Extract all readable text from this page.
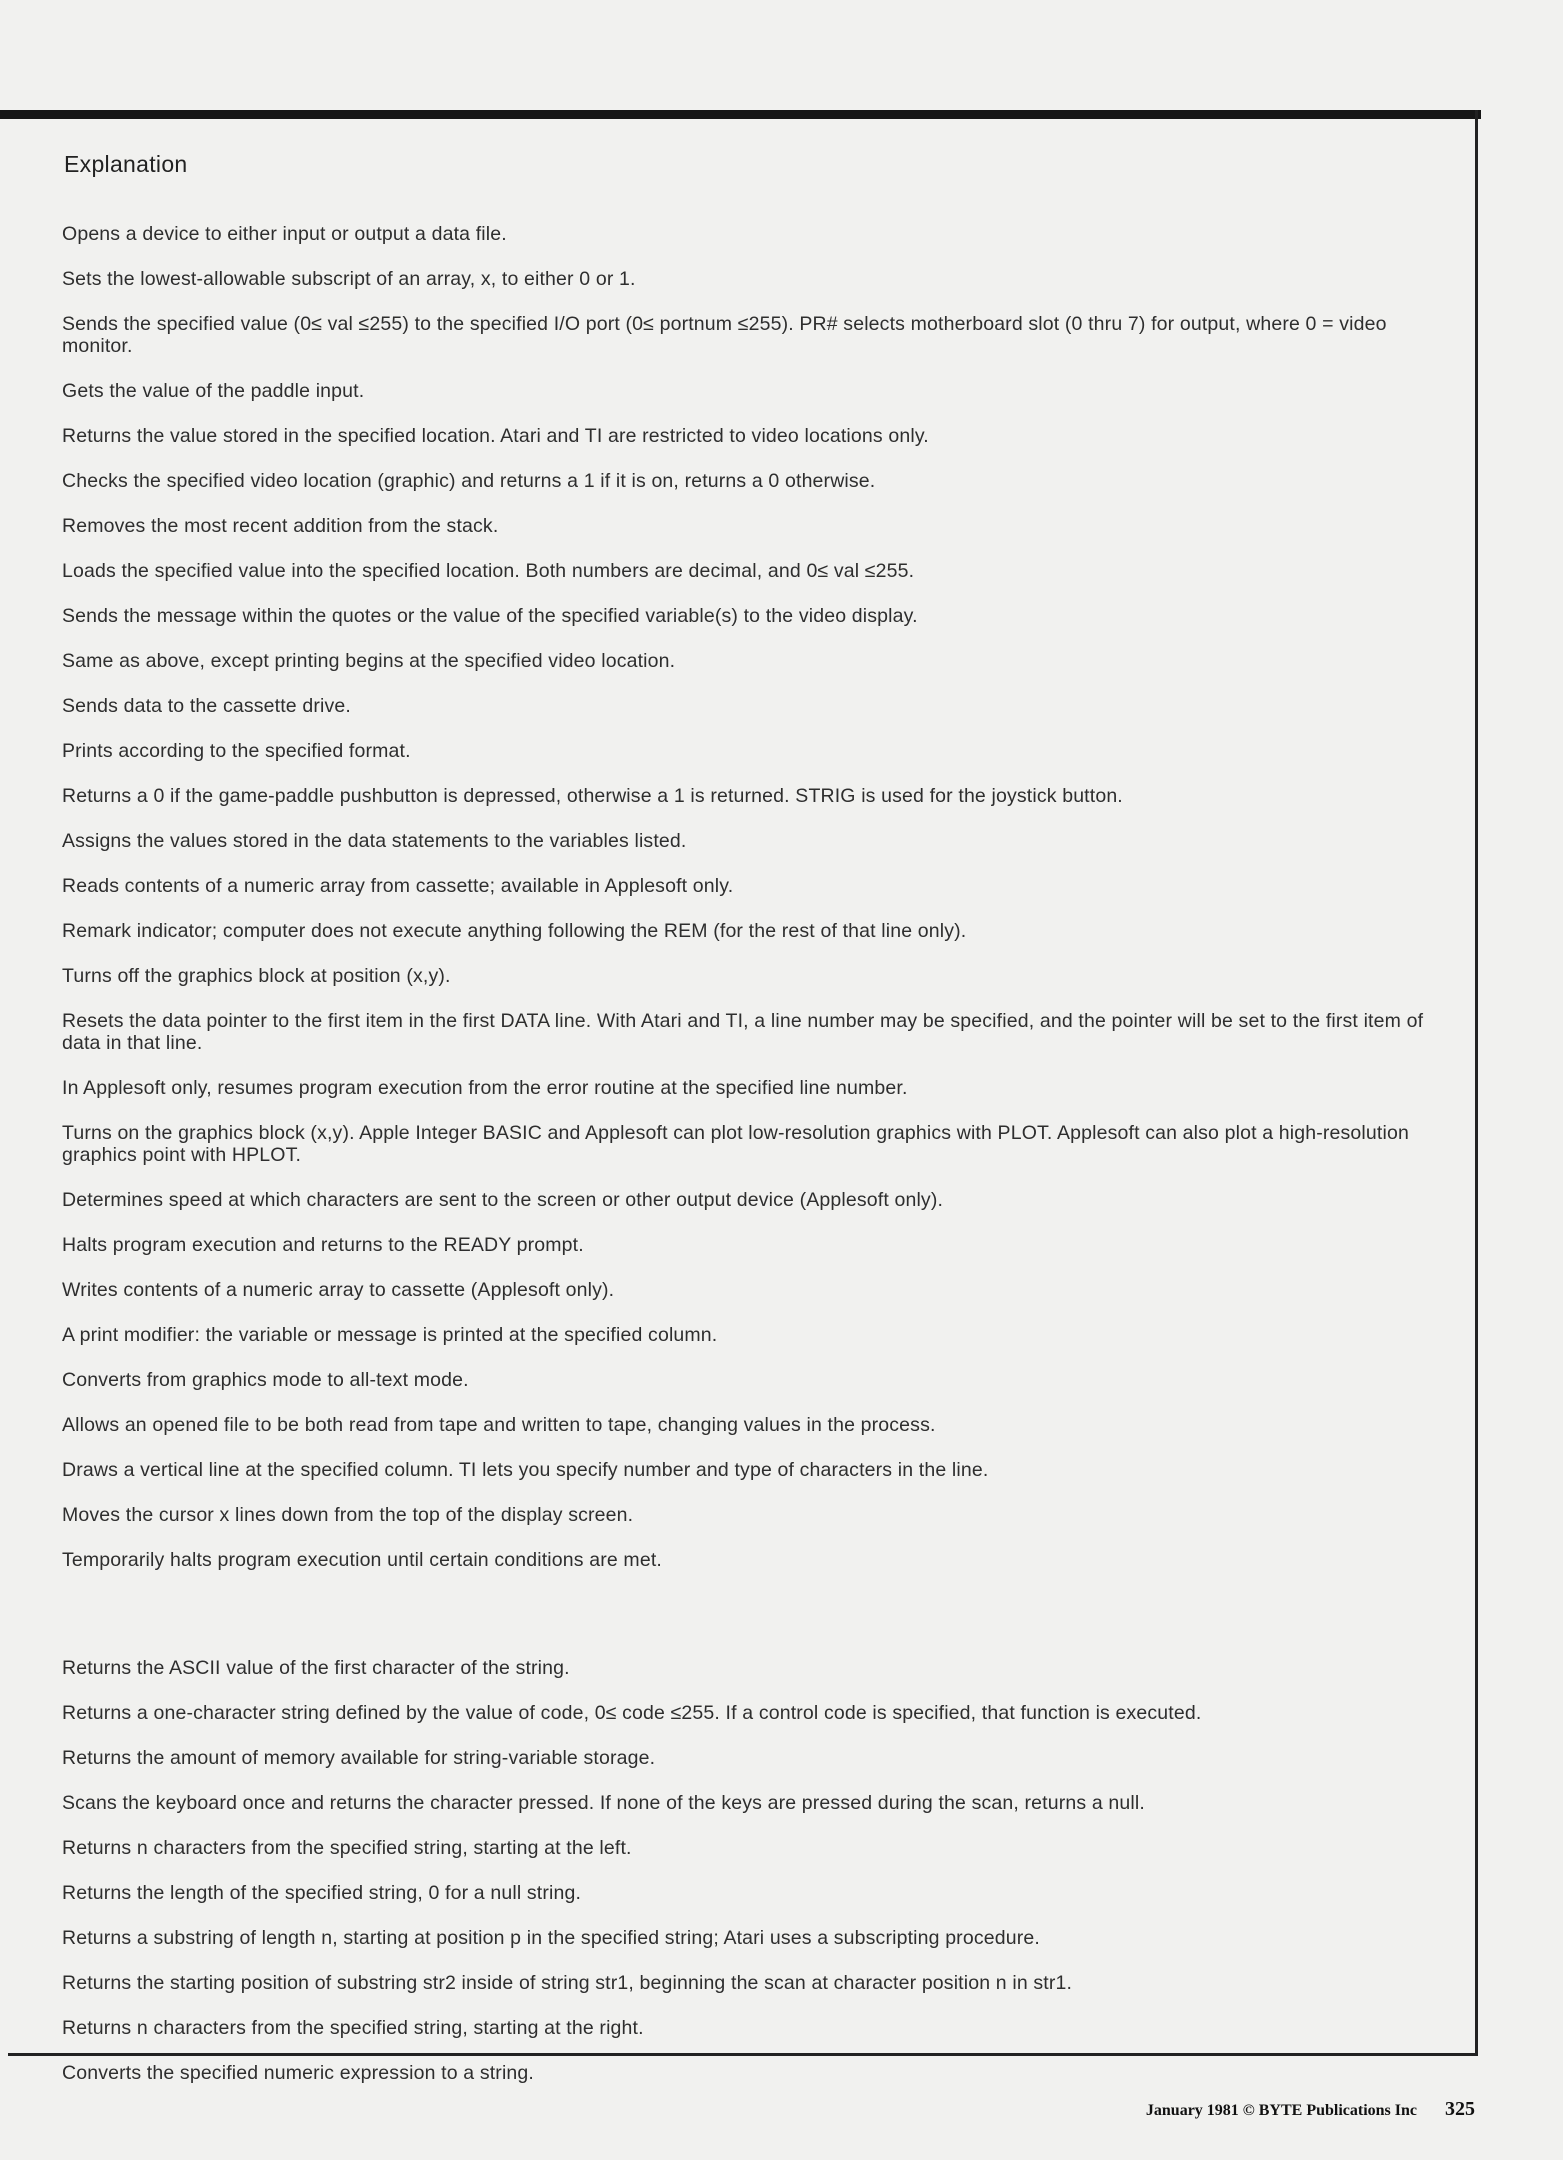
Explanation
Opens a device to either input or output a data file.
Sets the lowest-allowable subscript of an array, x, to either 0 or 1.
Sends the specified value (0≤ val ≤255) to the specified I/O port (0≤ portnum ≤255). PR# selects motherboard slot (0 thru 7) for output, where 0 = video monitor.
Gets the value of the paddle input.
Returns the value stored in the specified location. Atari and TI are restricted to video locations only.
Checks the specified video location (graphic) and returns a 1 if it is on, returns a 0 otherwise.
Removes the most recent addition from the stack.
Loads the specified value into the specified location. Both numbers are decimal, and 0≤ val ≤255.
Sends the message within the quotes or the value of the specified variable(s) to the video display.
Same as above, except printing begins at the specified video location.
Sends data to the cassette drive.
Prints according to the specified format.
Returns a 0 if the game-paddle pushbutton is depressed, otherwise a 1 is returned. STRIG is used for the joystick button.
Assigns the values stored in the data statements to the variables listed.
Reads contents of a numeric array from cassette; available in Applesoft only.
Remark indicator; computer does not execute anything following the REM (for the rest of that line only).
Turns off the graphics block at position (x,y).
Resets the data pointer to the first item in the first DATA line. With Atari and TI, a line number may be specified, and the pointer will be set to the first item of data in that line.
In Applesoft only, resumes program execution from the error routine at the specified line number.
Turns on the graphics block (x,y). Apple Integer BASIC and Applesoft can plot low-resolution graphics with PLOT. Applesoft can also plot a high-resolution graphics point with HPLOT.
Determines speed at which characters are sent to the screen or other output device (Applesoft only).
Halts program execution and returns to the READY prompt.
Writes contents of a numeric array to cassette (Applesoft only).
A print modifier: the variable or message is printed at the specified column.
Converts from graphics mode to all-text mode.
Allows an opened file to be both read from tape and written to tape, changing values in the process.
Draws a vertical line at the specified column. TI lets you specify number and type of characters in the line.
Moves the cursor x lines down from the top of the display screen.
Temporarily halts program execution until certain conditions are met.
Returns the ASCII value of the first character of the string.
Returns a one-character string defined by the value of code, 0≤ code ≤255. If a control code is specified, that function is executed.
Returns the amount of memory available for string-variable storage.
Scans the keyboard once and returns the character pressed. If none of the keys are pressed during the scan, returns a null.
Returns n characters from the specified string, starting at the left.
Returns the length of the specified string, 0 for a null string.
Returns a substring of length n, starting at position p in the specified string; Atari uses a subscripting procedure.
Returns the starting position of substring str2 inside of string str1, beginning the scan at character position n in str1.
Returns n characters from the specified string, starting at the right.
Converts the specified numeric expression to a string.
January 1981 © BYTE Publications Inc 325
